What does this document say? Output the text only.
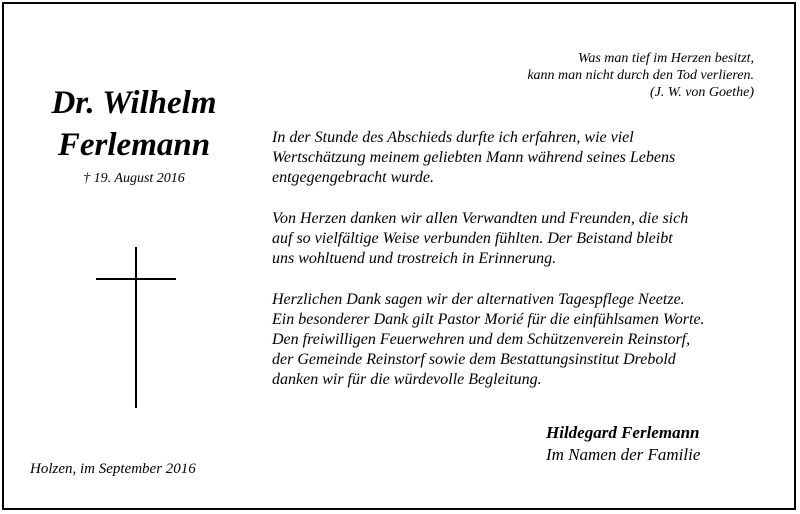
Was man tief im Herzen besitzt,
kann man nicht durch den Tod verlieren.
(J. W. von Goethe)
Dr. Wilhelm
Ferlemann
† 19. August 2016
In der Stunde des Abschieds durfte ich erfahren, wie viel
Wertschätzung meinem geliebten Mann während seines Lebens
entgegengebracht wurde.
Von Herzen danken wir allen Verwandten und Freunden, die sich
auf so vielfältige Weise verbunden fühlten. Der Beistand bleibt
uns wohltuend und trostreich in Erinnerung.
Herzlichen Dank sagen wir der alternativen Tagespflege Neetze.
Ein besonderer Dank gilt Pastor Morié für die einfühlsamen Worte.
Den freiwilligen Feuerwehren und dem Schützenverein Reinstorf,
der Gemeinde Reinstorf sowie dem Bestattungsinstitut Drebold
danken wir für die würdevolle Begleitung.
Hildegard Ferlemann
Im Namen der Familie
Holzen, im September 2016
